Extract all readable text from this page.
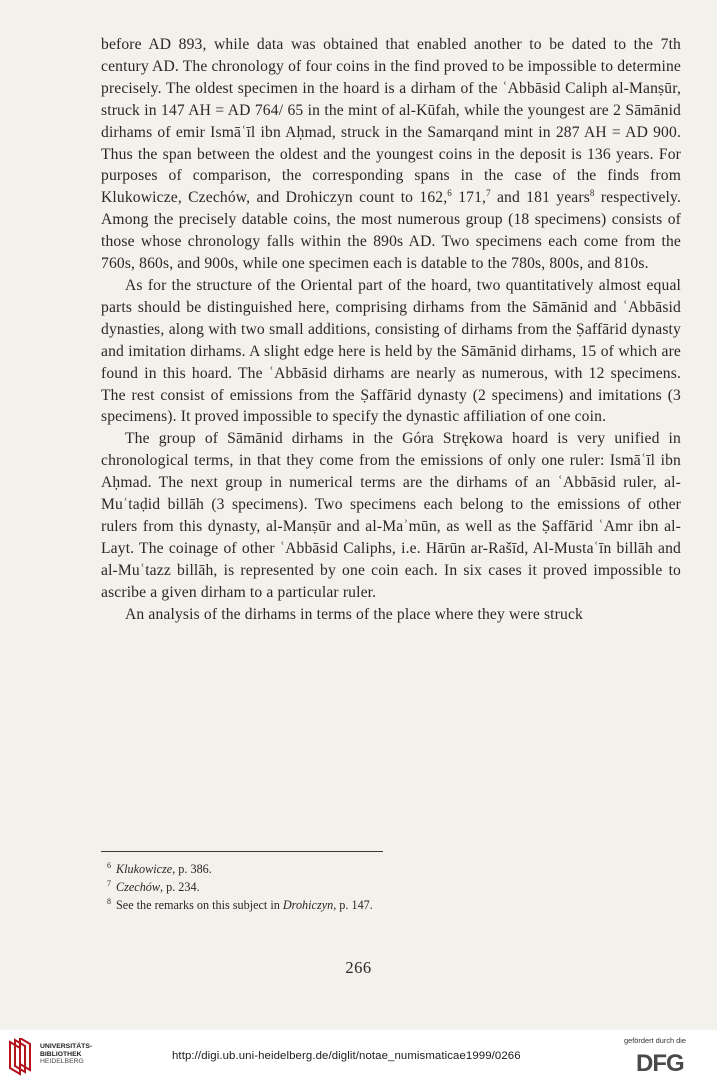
before AD 893, while data was obtained that enabled another to be dated to the 7th century AD. The chronology of four coins in the find proved to be impossible to determine precisely. The oldest specimen in the hoard is a dirham of the ʿAbbāsid Caliph al-Manṣūr, struck in 147 AH = AD 764/ 65 in the mint of al-Kūfah, while the youngest are 2 Sāmānid dirhams of emir Ismāʿīl ibn Aḥmad, struck in the Samarqand mint in 287 AH = AD 900. Thus the span between the oldest and the youngest coins in the deposit is 136 years. For purposes of comparison, the corresponding spans in the case of the finds from Klukowicze, Czechów, and Drohiczyn count to 162,$^6$ 171,$^7$ and 181 years$^8$ respectively. Among the precisely datable coins, the most numerous group (18 specimens) consists of those whose chronology falls within the 890s AD. Two specimens each come from the 760s, 860s, and 900s, while one specimen each is datable to the 780s, 800s, and 810s.

As for the structure of the Oriental part of the hoard, two quantitatively almost equal parts should be distinguished here, comprising dirhams from the Sāmānid and ʿAbbāsid dynasties, along with two small additions, consisting of dirhams from the Ṣaffārid dynasty and imitation dirhams. A slight edge here is held by the Sāmānid dirhams, 15 of which are found in this hoard. The ʿAbbāsid dirhams are nearly as numerous, with 12 specimens. The rest consist of emissions from the Ṣaffārid dynasty (2 specimens) and imitations (3 specimens). It proved impossible to specify the dynastic affiliation of one coin.

The group of Sāmānid dirhams in the Góra Strękowa hoard is very unified in chronological terms, in that they come from the emissions of only one ruler: Ismāʿīl ibn Aḥmad. The next group in numerical terms are the dirhams of an ʿAbbāsid ruler, al-Muʿtaḍid billāh (3 specimens). Two specimens each belong to the emissions of other rulers from this dynasty, al-Manṣūr and al-Maʾmūn, as well as the Ṣaffārid ʿAmr ibn al-Layt. The coinage of other ʿAbbāsid Caliphs, i.e. Hārūn ar-Rašīd, Al-Mustaʿīn billāh and al-Muʿtazz billāh, is represented by one coin each. In six cases it proved impossible to ascribe a given dirham to a particular ruler.

An analysis of the dirhams in terms of the place where they were struck

6 Klukowicze, p. 386.
7 Czechów, p. 234.
8 See the remarks on this subject in Drohiczyn, p. 147.
266
UNIVERSITÄTS-
BIBLIOTHEK
HEIDELBERG	http://digi.ub.uni-heidelberg.de/diglit/notae_numismaticae1999/0266
gefördert durch die
DFG
